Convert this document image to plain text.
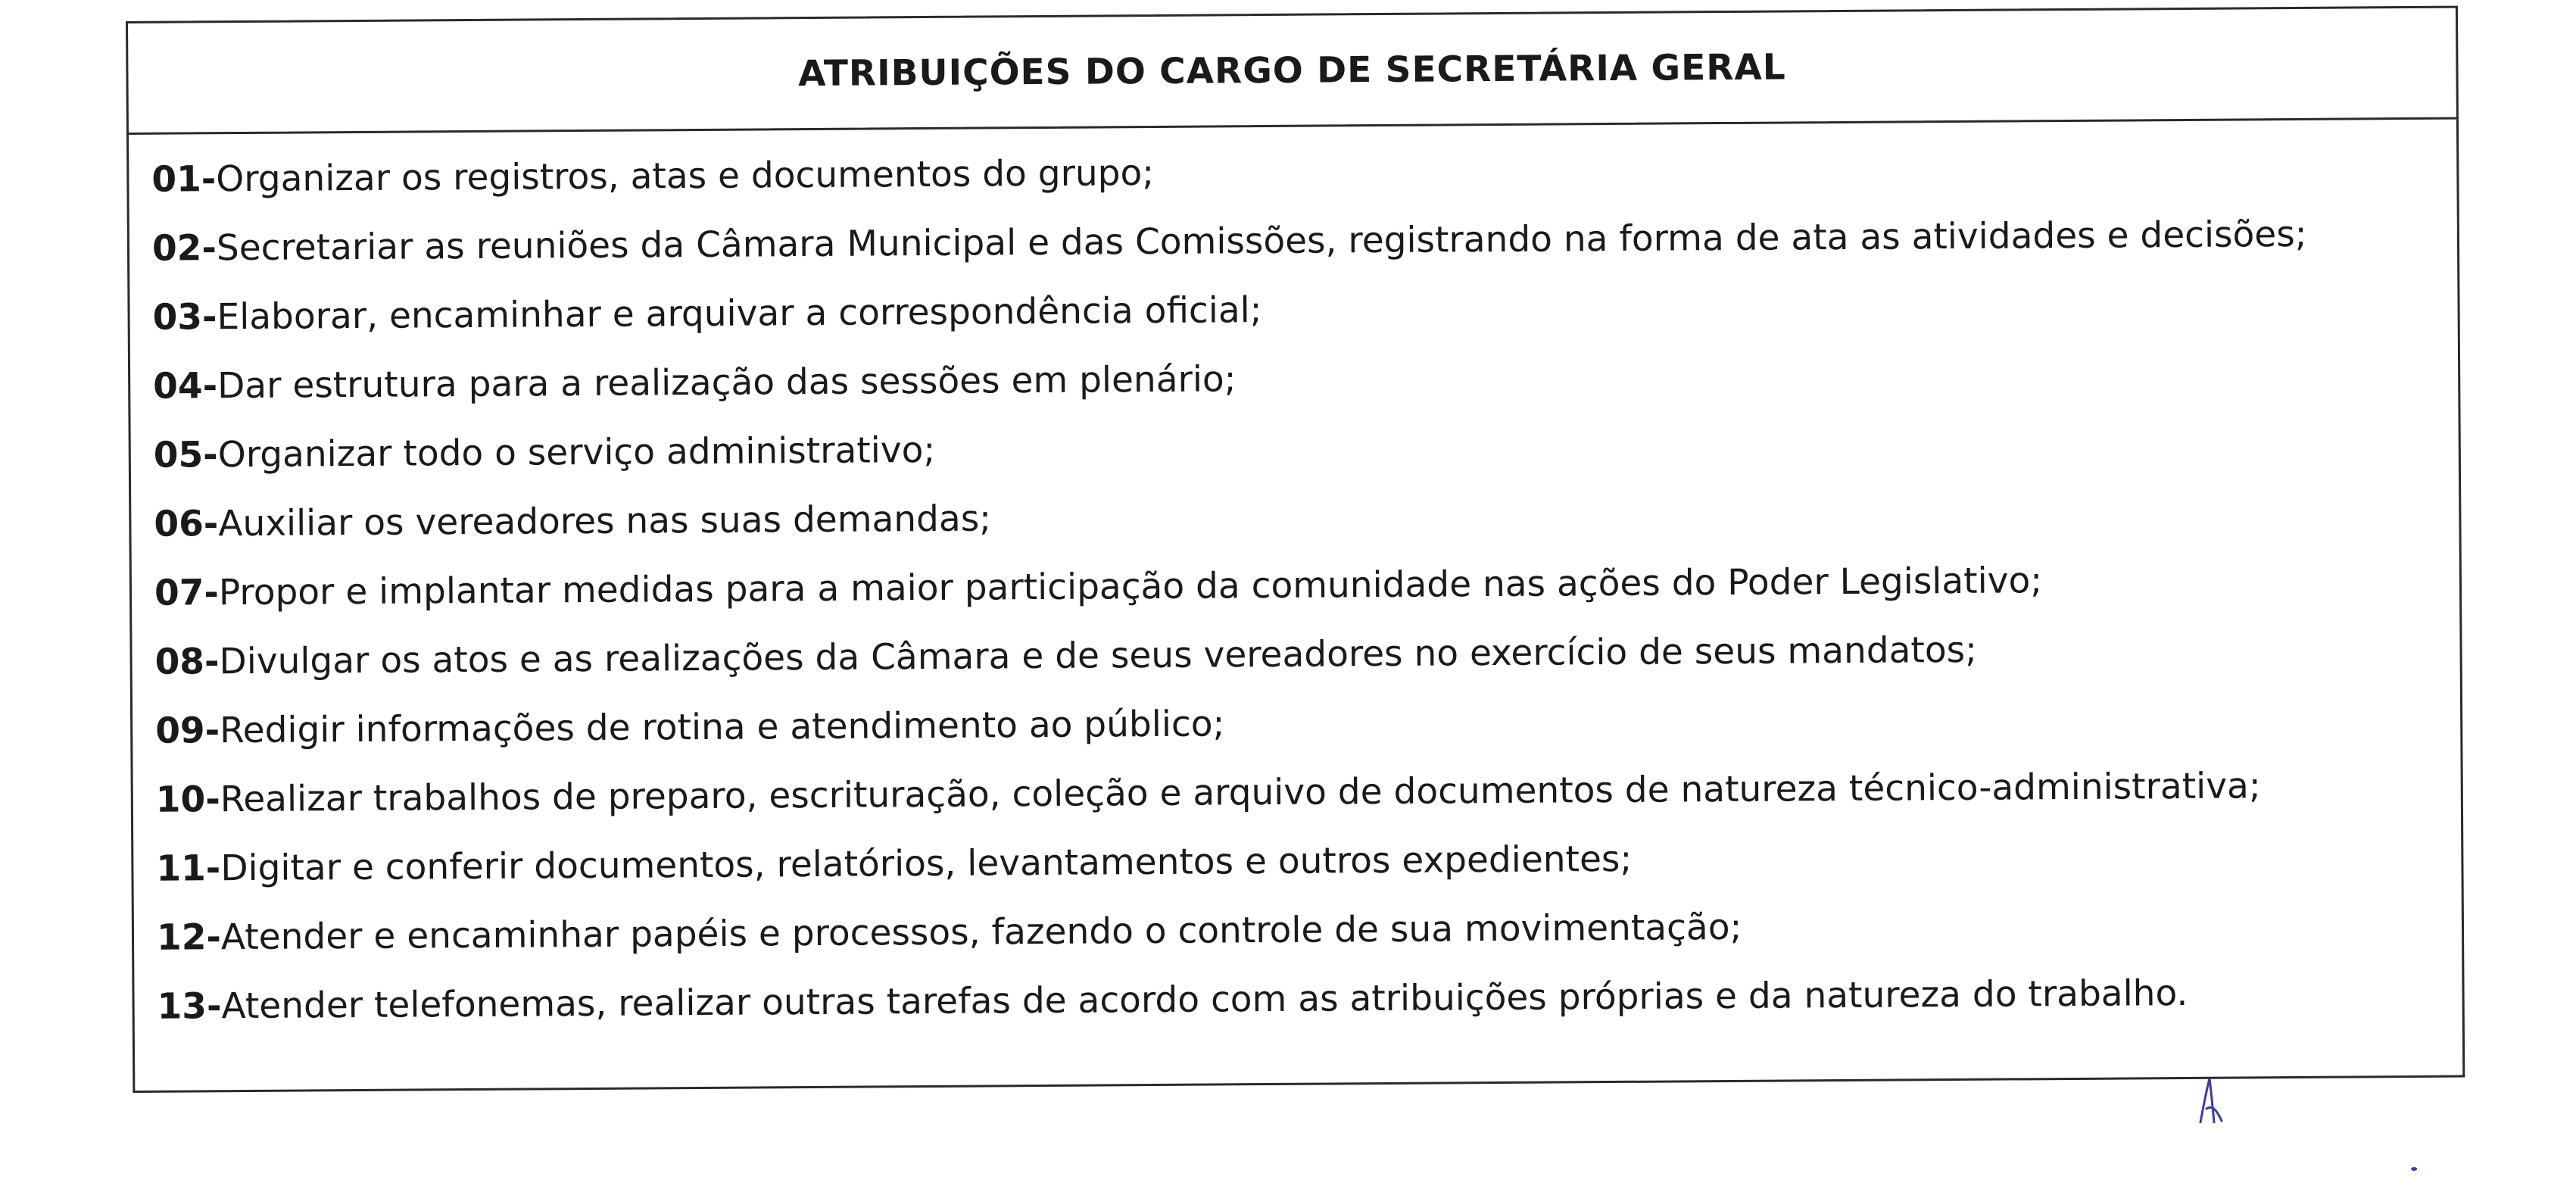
ATRIBUIÇÕES DO CARGO DE SECRETÁRIA GERAL

01-Organizar os registros, atas e documentos do grupo;

02-Secretariar as reuniões da Câmara Municipal e das Comissões, registrando na forma de ata as atividades e decisões;

03-Elaborar, encaminhar e arquivar a correspondência oficial;

04-Dar estrutura para a realização das sessões em plenário;

05-Organizar todo o serviço administrativo;

06-Auxiliar os vereadores nas suas demandas;

07-Propor e implantar medidas para a maior participação da comunidade nas ações do Poder Legislativo;

08-Divulgar os atos e as realizações da Câmara e de seus vereadores no exercício de seus mandatos;

09-Redigir informações de rotina e atendimento ao público;

10-Realizar trabalhos de preparo, escrituração, coleção e arquivo de documentos de natureza técnico-administrativa;

11-Digitar e conferir documentos, relatórios, levantamentos e outros expedientes;

12-Atender e encaminhar papéis e processos, fazendo o controle de sua movimentação;

13-Atender telefonemas, realizar outras tarefas de acordo com as atribuições próprias e da natureza do trabalho.
